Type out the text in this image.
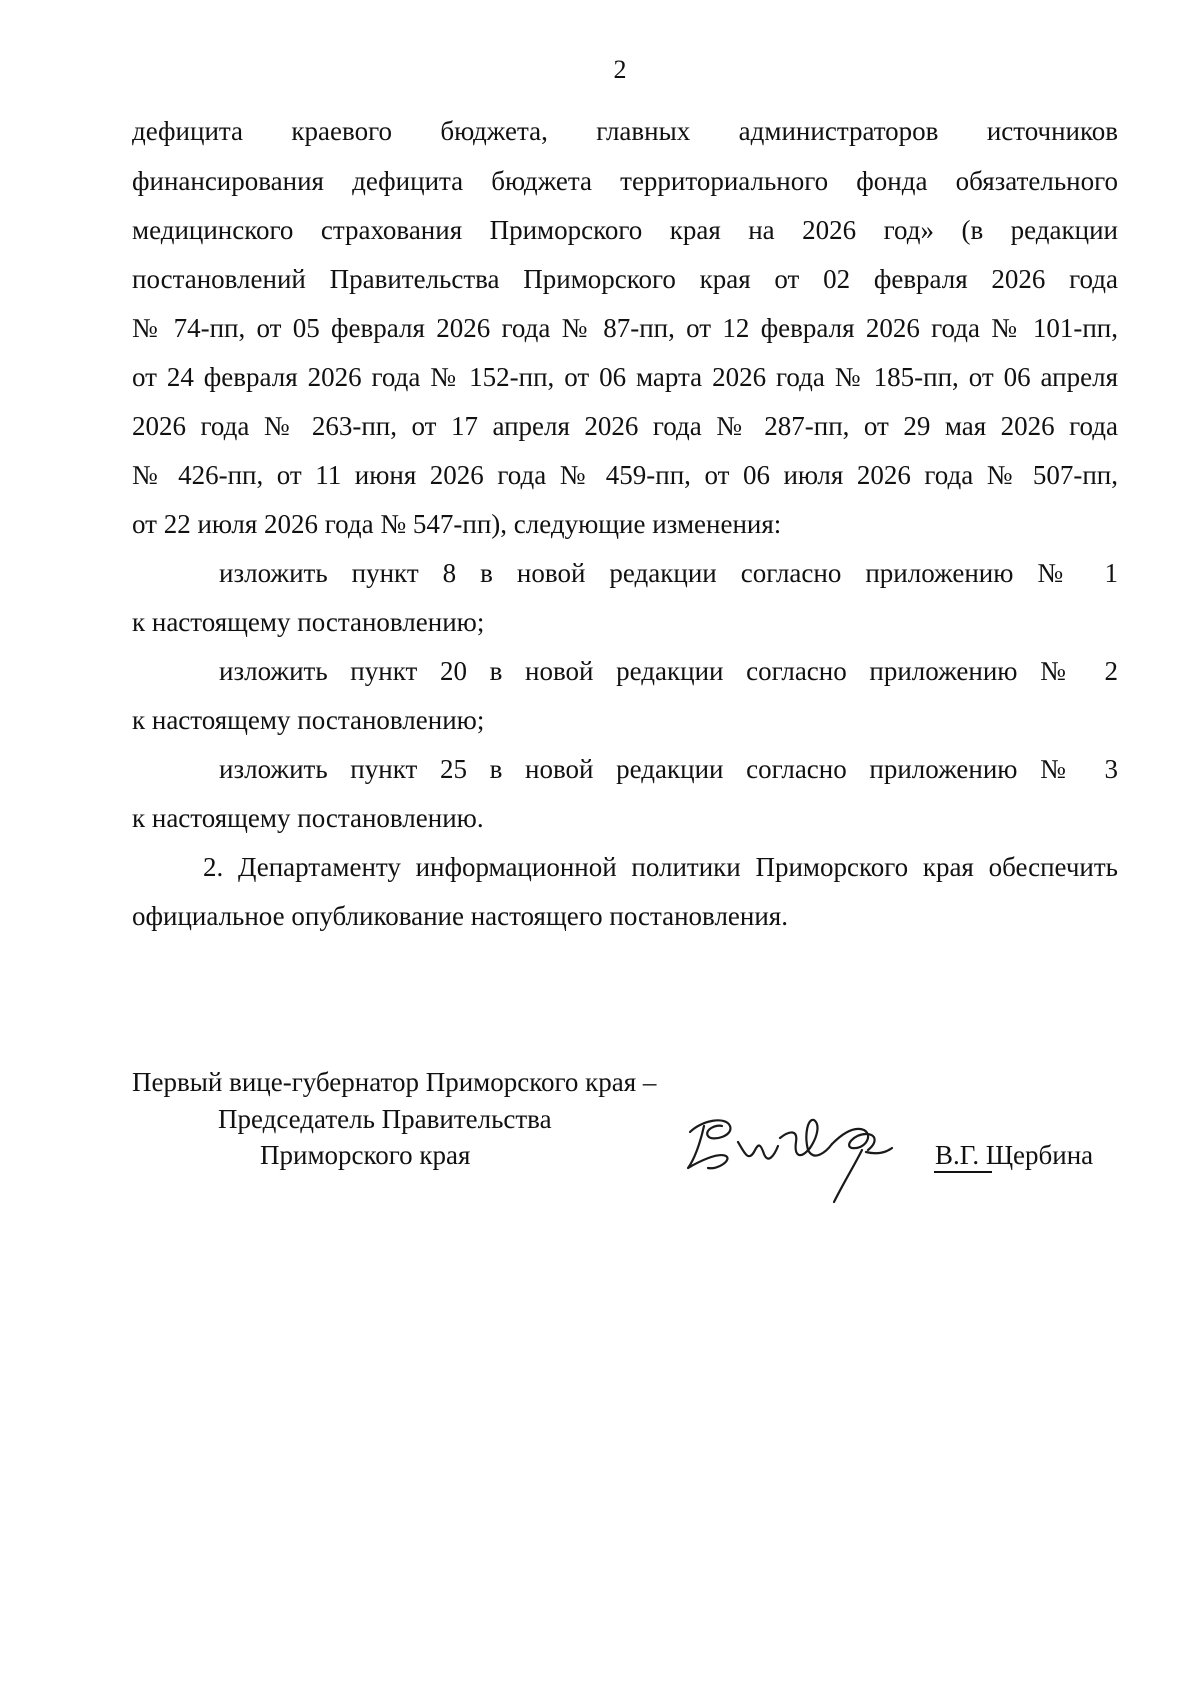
2
дефицита краевого бюджета, главных администраторов источников
финансирования дефицита бюджета территориального фонда обязательного
медицинского страхования Приморского края на 2026 год» (в редакции
постановлений Правительства Приморского края от 02 февраля 2026 года
№ 74-пп, от 05 февраля 2026 года № 87-пп, от 12 февраля 2026 года № 101-пп,
от 24 февраля 2026 года № 152-пп, от 06 марта 2026 года № 185-пп, от 06 апреля
2026 года № 263-пп, от 17 апреля 2026 года № 287-пп, от 29 мая 2026 года
№ 426-пп, от 11 июня 2026 года № 459-пп, от 06 июля 2026 года № 507-пп,
от 22 июля 2026 года № 547-пп), следующие изменения:
изложить пункт 8 в новой редакции согласно приложению № 1
к настоящему постановлению;
изложить пункт 20 в новой редакции согласно приложению № 2
к настоящему постановлению;
изложить пункт 25 в новой редакции согласно приложению № 3
к настоящему постановлению.
2. Департаменту информационной политики Приморского края обеспечить
официальное опубликование настоящего постановления.
Первый вице-губернатор Приморского края –
Председатель Правительства
Приморского края	В.Г. Щербина
